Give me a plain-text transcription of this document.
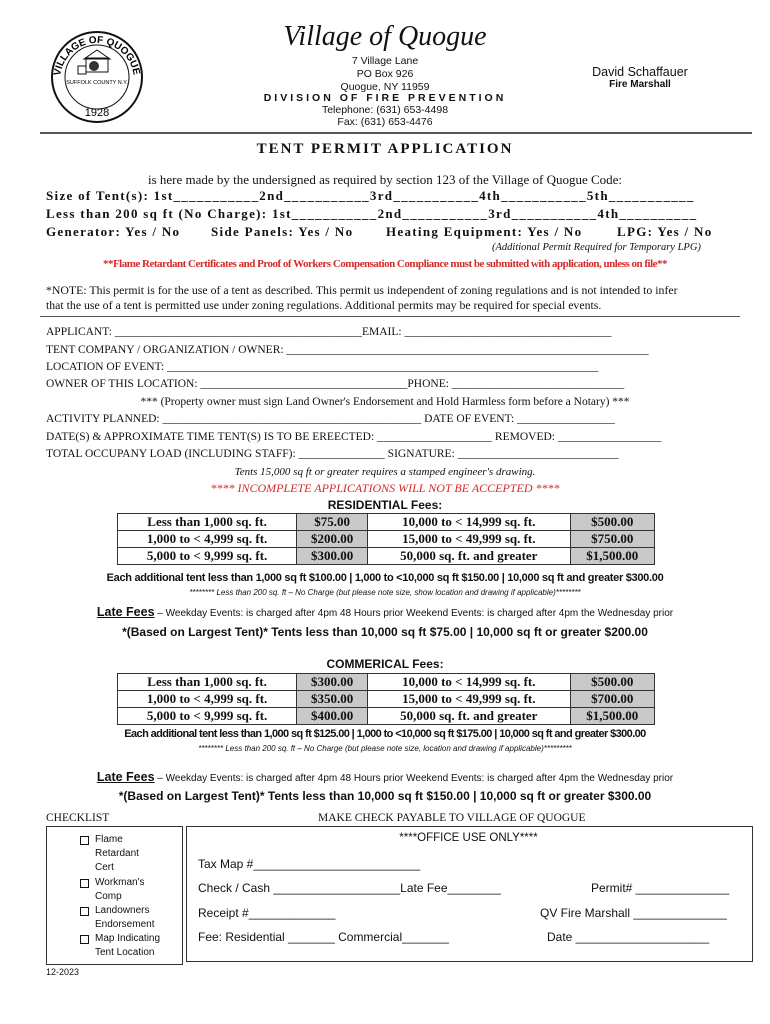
VILLAGE OF QUOGUE
SUFFOLK COUNTY N.Y.
1928
Village of Quogue
7 Village Lane
PO Box 926
Quogue, NY 11959
DIVISION OF FIRE PREVENTION
Telephone: (631) 653-4498
Fax: (631) 653-4476
David Schaffauer
Fire Marshall
TENT PERMIT APPLICATION
is here made by the undersigned as required by section 123 of the Village of Quogue Code:
Size of Tent(s): 1st___________2nd___________3rd___________4th___________5th___________
Less than 200 sq ft (No Charge): 1st___________2nd___________3rd___________4th__________
Generator: Yes / No Side Panels: Yes / No	Heating Equipment: Yes / No	LPG: Yes / No
(Additional Permit Required for Temporary LPG)
**Flame Retardant Certificates and Proof of Workers Compensation Compliance must be submitted with application, unless on file**
*NOTE: This permit is for the use of a tent as described. This permit us independent of zoning regulations and is not intended to infer
that the use of a tent is permitted use under zoning regulations. Additional permits may be required for special events.
APPLICANT: ___________________________________________EMAIL: ____________________________________
TENT COMPANY / ORGANIZATION / OWNER: _______________________________________________________________
LOCATION OF EVENT: ___________________________________________________________________________
OWNER OF THIS LOCATION: ____________________________________PHONE: ______________________________
*** (Property owner must sign Land Owner's Endorsement and Hold Harmless form before a Notary) ***
ACTIVITY PLANNED: _____________________________________________ DATE OF EVENT: _________________
DATE(S) & APPROXIMATE TIME TENT(S) IS TO BE EREECTED: ____________________ REMOVED: __________________
TOTAL OCCUPANY LOAD (INCLUDING STAFF): _______________ SIGNATURE: ____________________________
Tents 15,000 sq ft or greater requires a stamped engineer's drawing.
**** INCOMPLETE APPLICATIONS WILL NOT BE ACCEPTED ****
RESIDENTIAL Fees:
Less than 1,000 sq. ft.	$75.00	10,000 to < 14,999 sq. ft.	$500.00
1,000 to < 4,999 sq. ft.	$200.00	15,000 to < 49,999 sq. ft.	$750.00
5,000 to < 9,999 sq. ft.	$300.00	50,000 sq. ft. and greater	$1,500.00
Each additional tent less than 1,000 sq ft $100.00 | 1,000 to <10,000 sq ft $150.00 | 10,000 sq ft and greater $300.00
******** Less than 200 sq. ft – No Charge (but please note size, show location and drawing if applicable)********
Late Fees – Weekday Events: is charged after 4pm 48 Hours prior Weekend Events: is charged after 4pm the Wednesday prior
*(Based on Largest Tent)* Tents less than 10,000 sq ft $75.00 | 10,000 sq ft or greater $200.00
COMMERICAL Fees:
Less than 1,000 sq. ft.	$300.00	10,000 to < 14,999 sq. ft.	$500.00
1,000 to < 4,999 sq. ft.	$350.00	15,000 to < 49,999 sq. ft.	$700.00
5,000 to < 9,999 sq. ft.	$400.00	50,000 sq. ft. and greater	$1,500.00
Each additional tent less than 1,000 sq ft $125.00 | 1,000 to <10,000 sq ft $175.00 | 10,000 sq ft and greater $300.00
******** Less than 200 sq. ft – No Charge (but please note size, location and drawing if applicable)*********
Late Fees – Weekday Events: is charged after 4pm 48 Hours prior Weekend Events: is charged after 4pm the Wednesday prior
*(Based on Largest Tent)* Tents less than 10,000 sq ft $150.00 | 10,000 sq ft or greater $300.00
CHECKLIST
Flame
Retardant
Cert
Workman's
Comp
Landowners
Endorsement
Map Indicating
Tent Location
MAKE CHECK PAYABLE TO VILLAGE OF QUOGUE
****OFFICE USE ONLY****
Tax Map #_________________________
Check / Cash ___________________Late Fee________	Permit# ______________
Receipt #_____________	QV Fire Marshall ______________
Fee: Residential _______ Commercial_______	Date ____________________
12-2023
